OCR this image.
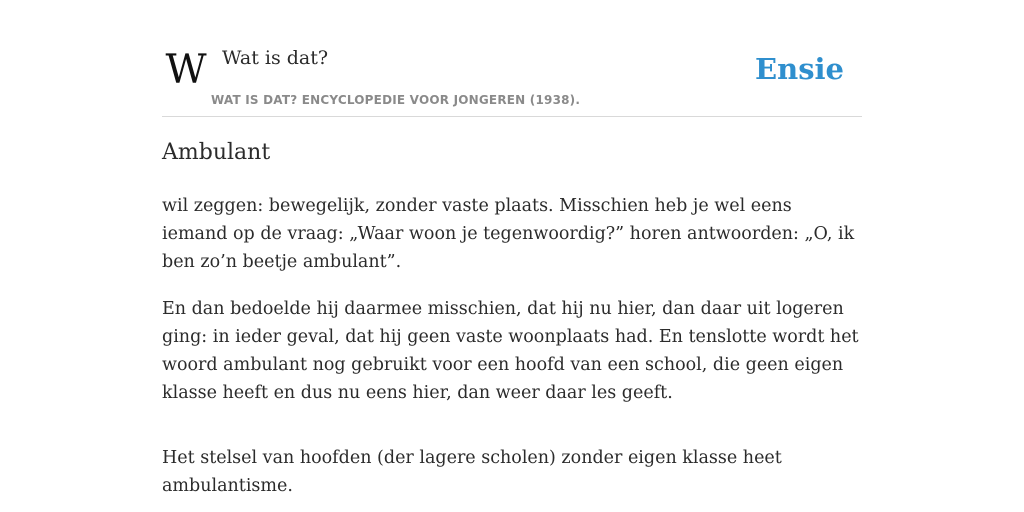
W Wat is dat?
WAT IS DAT? ENCYCLOPEDIE VOOR JONGEREN (1938).
Ensie
Ambulant

wil zeggen: bewegelijk, zonder vaste plaats. Misschien heb je wel eens iemand op de vraag: „Waar woon je tegenwoordig?” horen antwoorden: „O, ik ben zo’n beetje ambulant”.

En dan bedoelde hij daarmee misschien, dat hij nu hier, dan daar uit logeren ging: in ieder geval, dat hij geen vaste woonplaats had. En tenslotte wordt het woord ambulant nog gebruikt voor een hoofd van een school, die geen eigen klasse heeft en dus nu eens hier, dan weer daar les geeft.

Het stelsel van hoofden (der lagere scholen) zonder eigen klasse heet ambulantisme.
